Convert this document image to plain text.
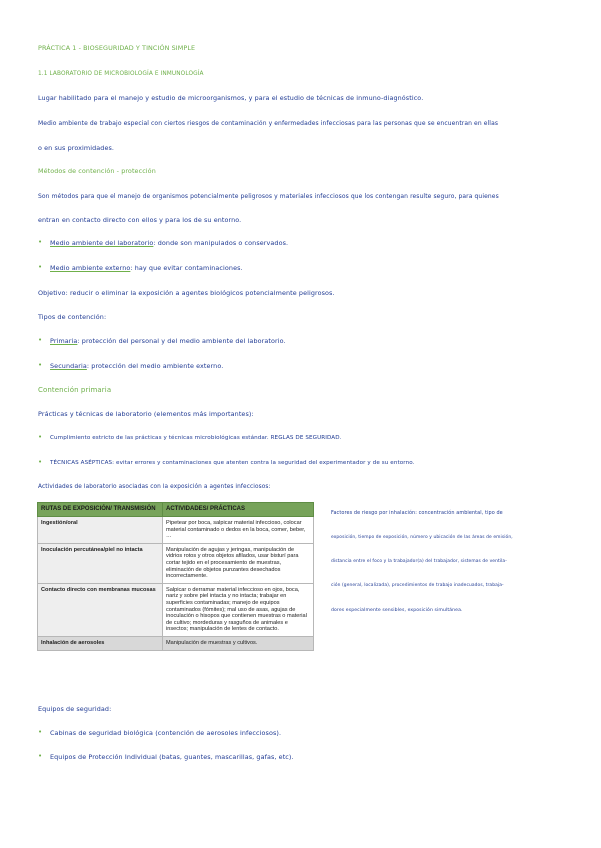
PRÁCTICA 1 - BIOSEGURIDAD Y TINCIÓN SIMPLE
1.1 LABORATORIO DE MICROBIOLOGÍA E INMUNOLOGÍA
Lugar habilitado para el manejo y estudio de microorganismos, y para el estudio de técnicas de inmuno-diagnóstico.
Medio ambiente de trabajo especial con ciertos riesgos de contaminación y enfermedades infecciosas para las personas que se encuentran en ellas
o en sus proximidades.
Métodos de contención - protección
Son métodos para que el manejo de organismos potencialmente peligrosos y materiales infecciosos que los contengan resulte seguro, para quienes
entran en contacto directo con ellos y para los de su entorno.
• Medio ambiente del laboratorio: donde son manipulados o conservados.
• Medio ambiente externo: hay que evitar contaminaciones.
Objetivo: reducir o eliminar la exposición a agentes biológicos potencialmente peligrosos.
Tipos de contención:
• Primaria: protección del personal y del medio ambiente del laboratorio.
• Secundaria: protección del medio ambiente externo.
Contención primaria
Prácticas y técnicas de laboratorio (elementos más importantes):
• Cumplimiento estricto de las prácticas y técnicas microbiológicas estándar. REGLAS DE SEGURIDAD.
• TÉCNICAS ASÉPTICAS: evitar errores y contaminaciones que atenten contra la seguridad del experimentador y de su entorno.
Actividades de laboratorio asociadas con la exposición a agentes infecciosos:
RUTAS DE EXPOSICIÓN/ TRANSMISIÓN	ACTIVIDADES/ PRÁCTICAS
Ingestión/oral	Pipetear por boca, salpicar material infeccioso, colocar material contaminado o dedos en la boca, comer, beber, …
Inoculación percutánea/piel no intacta	Manipulación de agujas y jeringas, manipulación de vidrios rotos y otros objetos afilados, usar bisturí para cortar tejido en el procesamiento de muestras, eliminación de objetos punzantes desechados incorrectamente.
Contacto directo con membranas mucosas	Salpicar o derramar material infeccioso en ojos, boca, nariz y sobre piel intacta y no intacta; trabajar en superficies contaminadas; manejo de equipos contaminados (fómites); mal uso de asas, agujas de inoculación o hisopos que contienen muestras o material de cultivo; mordeduras y rasguños de animales e insectos; manipulación de lentes de contacto.
Inhalación de aerosoles	Manipulación de muestras y cultivos.
Factores de riesgo por inhalación: concentración ambiental, tipo de
exposición, tiempo de exposición, número y ubicación de las áreas de emisión,
distancia entre el foco y la trabajador(a) del trabajador, sistemas de ventila-
ción (general, localizada), procedimientos de trabajo inadecuados, trabaja-
dores especialmente sensibles, exposición simultánea.
Equipos de seguridad:
• Cabinas de seguridad biológica (contención de aerosoles infecciosos).
• Equipos de Protección Individual (batas, guantes, mascarillas, gafas, etc).
